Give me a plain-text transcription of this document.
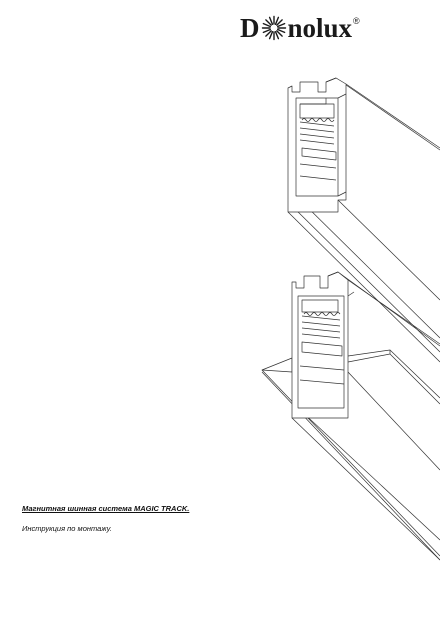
D nolux ®
Магнитная шинная система MAGIC TRACK.
Инструкция по монтажу.
